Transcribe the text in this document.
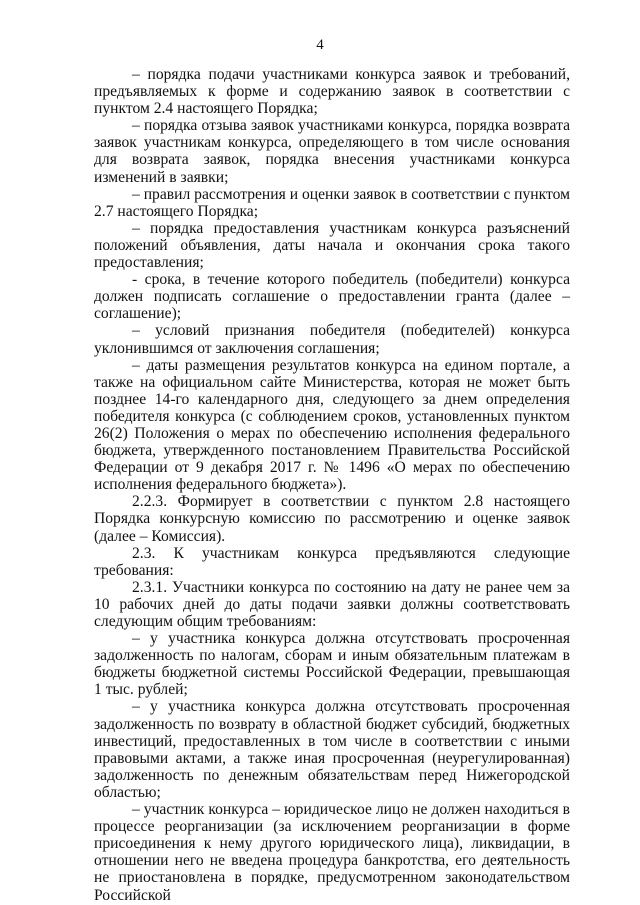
4

– порядка подачи участниками конкурса заявок и требований, предъявляемых к форме и содержанию заявок в соответствии с пунктом 2.4 настоящего Порядка;

– порядка отзыва заявок участниками конкурса, порядка возврата заявок участникам конкурса, определяющего в том числе основания для возврата заявок, порядка внесения участниками конкурса изменений в заявки;

– правил рассмотрения и оценки заявок в соответствии с пунктом 2.7 настоящего Порядка;

– порядка предоставления участникам конкурса разъяснений положений объявления, даты начала и окончания срока такого предоставления;

- срока, в течение которого победитель (победители) конкурса должен подписать соглашение о предоставлении гранта (далее – соглашение);

– условий признания победителя (победителей) конкурса уклонившимся от заключения соглашения;

– даты размещения результатов конкурса на едином портале, а также на официальном сайте Министерства, которая не может быть позднее 14-го календарного дня, следующего за днем определения победителя конкурса (с соблюдением сроков, установленных пунктом 26(2) Положения о мерах по обеспечению исполнения федерального бюджета, утвержденного постановлением Правительства Российской Федерации от 9 декабря 2017 г. № 1496 «О мерах по обеспечению исполнения федерального бюджета»).

2.2.3. Формирует в соответствии с пунктом 2.8 настоящего Порядка конкурсную комиссию по рассмотрению и оценке заявок (далее – Комиссия).

2.3. К участникам конкурса предъявляются следующие требования:

2.3.1. Участники конкурса по состоянию на дату не ранее чем за 10 рабочих дней до даты подачи заявки должны соответствовать следующим общим требованиям:

– у участника конкурса должна отсутствовать просроченная задолженность по налогам, сборам и иным обязательным платежам в бюджеты бюджетной системы Российской Федерации, превышающая 1 тыс. рублей;

– у участника конкурса должна отсутствовать просроченная задолженность по возврату в областной бюджет субсидий, бюджетных инвестиций, предоставленных в том числе в соответствии с иными правовыми актами, а также иная просроченная (неурегулированная) задолженность по денежным обязательствам перед Нижегородской областью;

– участник конкурса – юридическое лицо не должен находиться в процессе реорганизации (за исключением реорганизации в форме присоединения к нему другого юридического лица), ликвидации, в отношении него не введена процедура банкротства, его деятельность не приостановлена в порядке, предусмотренном законодательством Российской
